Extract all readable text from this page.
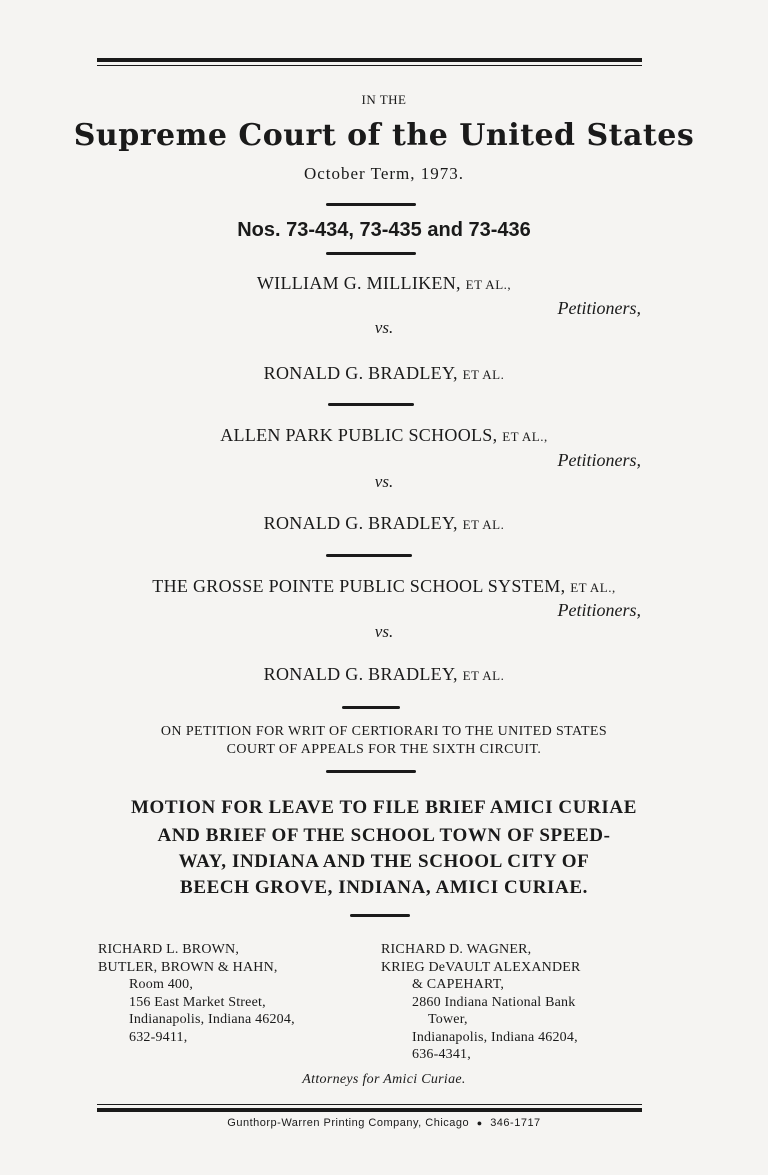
IN THE
Supreme Court of the United States
October Term, 1973.
Nos. 73-434, 73-435 and 73-436
WILLIAM G. MILLIKEN, ET AL.,
Petitioners,
vs.
RONALD G. BRADLEY, ET AL.
ALLEN PARK PUBLIC SCHOOLS, ET AL.,
Petitioners,
vs.
RONALD G. BRADLEY, ET AL.
THE GROSSE POINTE PUBLIC SCHOOL SYSTEM, ET AL.,
Petitioners,
vs.
RONALD G. BRADLEY, ET AL.
ON PETITION FOR WRIT OF CERTIORARI TO THE UNITED STATES
COURT OF APPEALS FOR THE SIXTH CIRCUIT.
MOTION FOR LEAVE TO FILE BRIEF AMICI CURIAE
AND BRIEF OF THE SCHOOL TOWN OF SPEED-
WAY, INDIANA AND THE SCHOOL CITY OF
BEECH GROVE, INDIANA, AMICI CURIAE.
RICHARD L. BROWN,
BUTLER, BROWN & HAHN,
Room 400,
156 East Market Street,
Indianapolis, Indiana 46204,
632-9411,
RICHARD D. WAGNER,
KRIEG DeVAULT ALEXANDER
& CAPEHART,
2860 Indiana National Bank
Tower,
Indianapolis, Indiana 46204,
636-4341,
Attorneys for Amici Curiae.
Gunthorp-Warren Printing Company, Chicago ● 346-1717
